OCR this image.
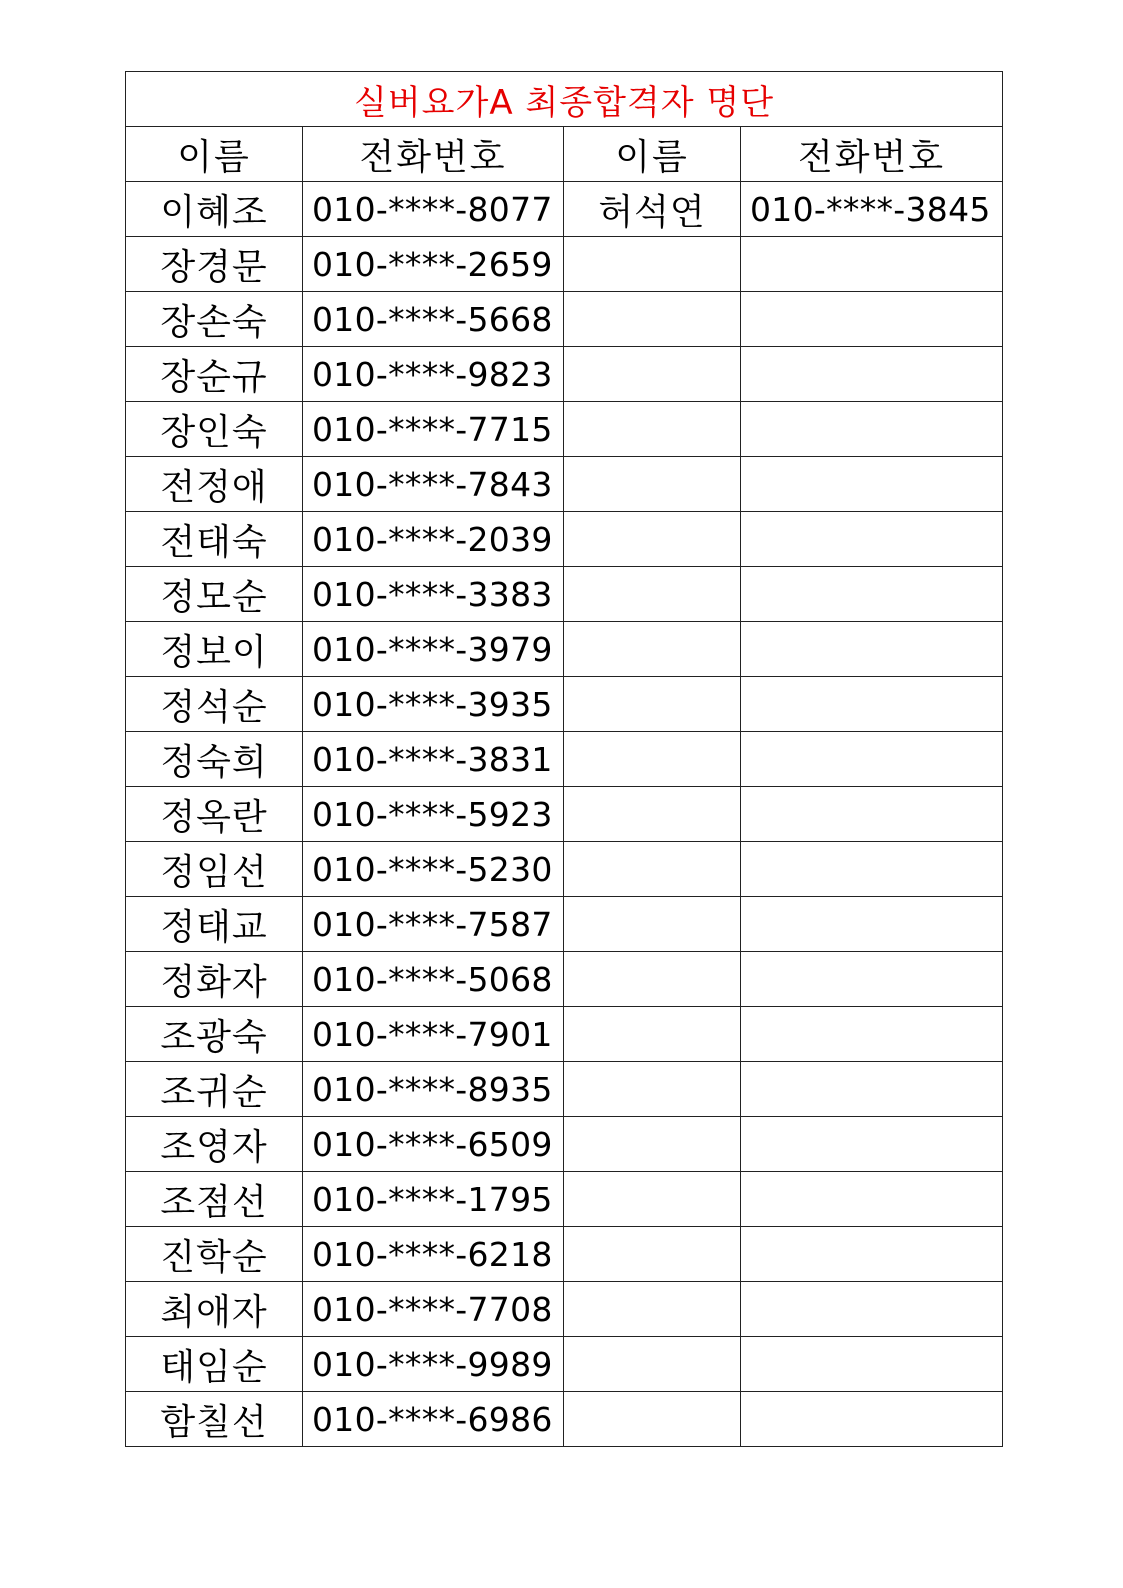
실버요가A 최종합격자 명단			
이름	전화번호	이름	전화번호
이혜조	010-****-8077	허석연	010-****-3845
장경문	010-****-2659		
장손숙	010-****-5668		
장순규	010-****-9823		
장인숙	010-****-7715		
전정애	010-****-7843		
전태숙	010-****-2039		
정모순	010-****-3383		
정보이	010-****-3979		
정석순	010-****-3935		
정숙희	010-****-3831		
정옥란	010-****-5923		
정임선	010-****-5230		
정태교	010-****-7587		
정화자	010-****-5068		
조광숙	010-****-7901		
조귀순	010-****-8935		
조영자	010-****-6509		
조점선	010-****-1795		
진학순	010-****-6218		
최애자	010-****-7708		
태임순	010-****-9989		
함칠선	010-****-6986		
